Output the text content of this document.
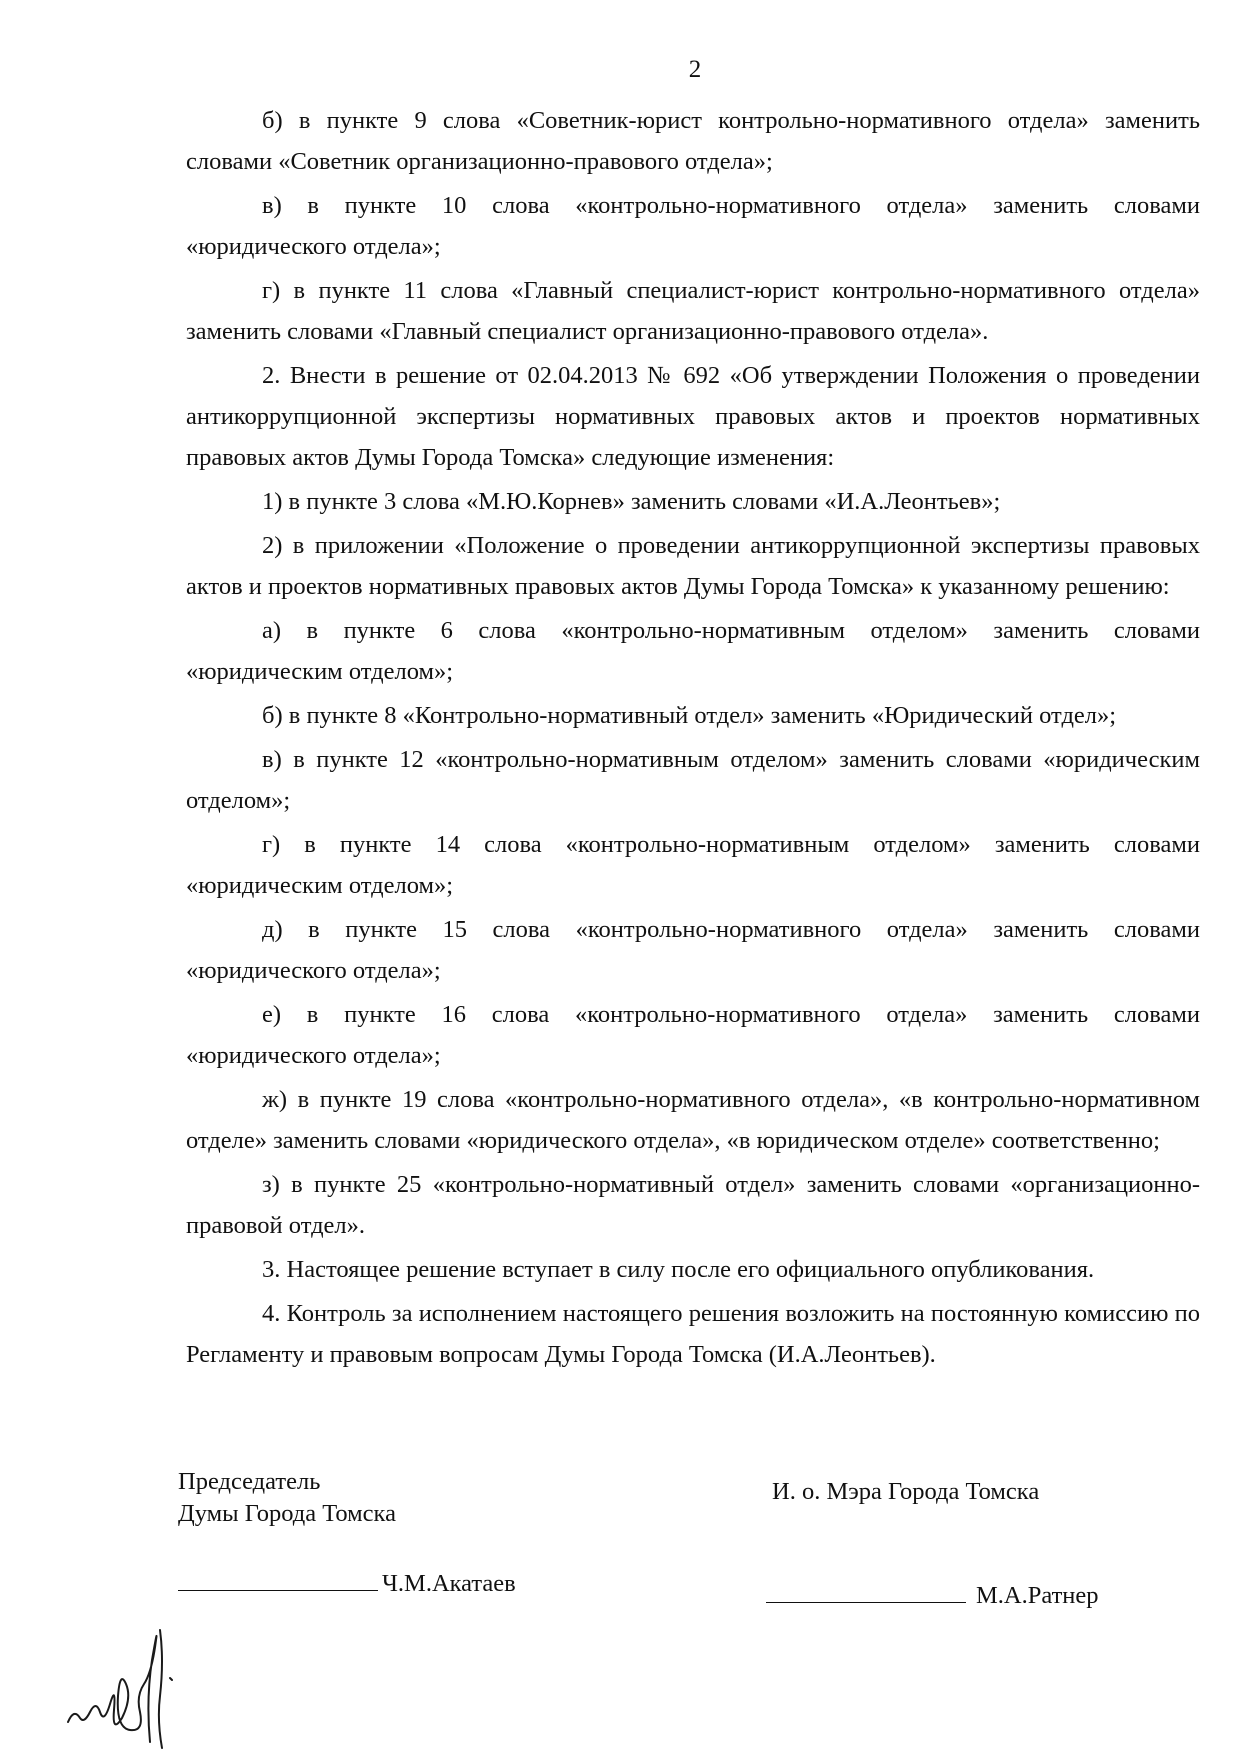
2

б) в пункте 9 слова «Советник-юрист контрольно-нормативного отдела» заменить словами «Советник организационно-правового отдела»;

в) в пункте 10 слова «контрольно-нормативного отдела» заменить словами «юридического отдела»;

г) в пункте 11 слова «Главный специалист-юрист контрольно-нормативного отдела» заменить словами «Главный специалист организационно-правового отдела».

2. Внести в решение от 02.04.2013 № 692 «Об утверждении Положения о проведении антикоррупционной экспертизы нормативных правовых актов и проектов нормативных правовых актов Думы Города Томска» следующие изменения:

1) в пункте 3 слова «М.Ю.Корнев» заменить словами «И.А.Леонтьев»;

2) в приложении «Положение о проведении антикоррупционной экспертизы правовых актов и проектов нормативных правовых актов Думы Города Томска» к указанному решению:

а) в пункте 6 слова «контрольно-нормативным отделом» заменить словами «юридическим отделом»;

б) в пункте 8 «Контрольно-нормативный отдел» заменить «Юридический отдел»;

в) в пункте 12 «контрольно-нормативным отделом» заменить словами «юридическим отделом»;

г) в пункте 14 слова «контрольно-нормативным отделом» заменить словами «юридическим отделом»;

д) в пункте 15 слова «контрольно-нормативного отдела» заменить словами «юридического отдела»;

е) в пункте 16 слова «контрольно-нормативного отдела» заменить словами «юридического отдела»;

ж) в пункте 19 слова «контрольно-нормативного отдела», «в контрольно-нормативном отделе» заменить словами «юридического отдела», «в юридическом отделе» соответственно;

з) в пункте 25 «контрольно-нормативный отдел» заменить словами «организационно-правовой отдел».

3. Настоящее решение вступает в силу после его официального опубликования.

4. Контроль за исполнением настоящего решения возложить на постоянную комиссию по Регламенту и правовым вопросам Думы Города Томска (И.А.Леонтьев).

Председатель
Думы Города Томска
Ч.М.Акатаев
И. о. Мэра Города Томска
М.А.Ратнер
